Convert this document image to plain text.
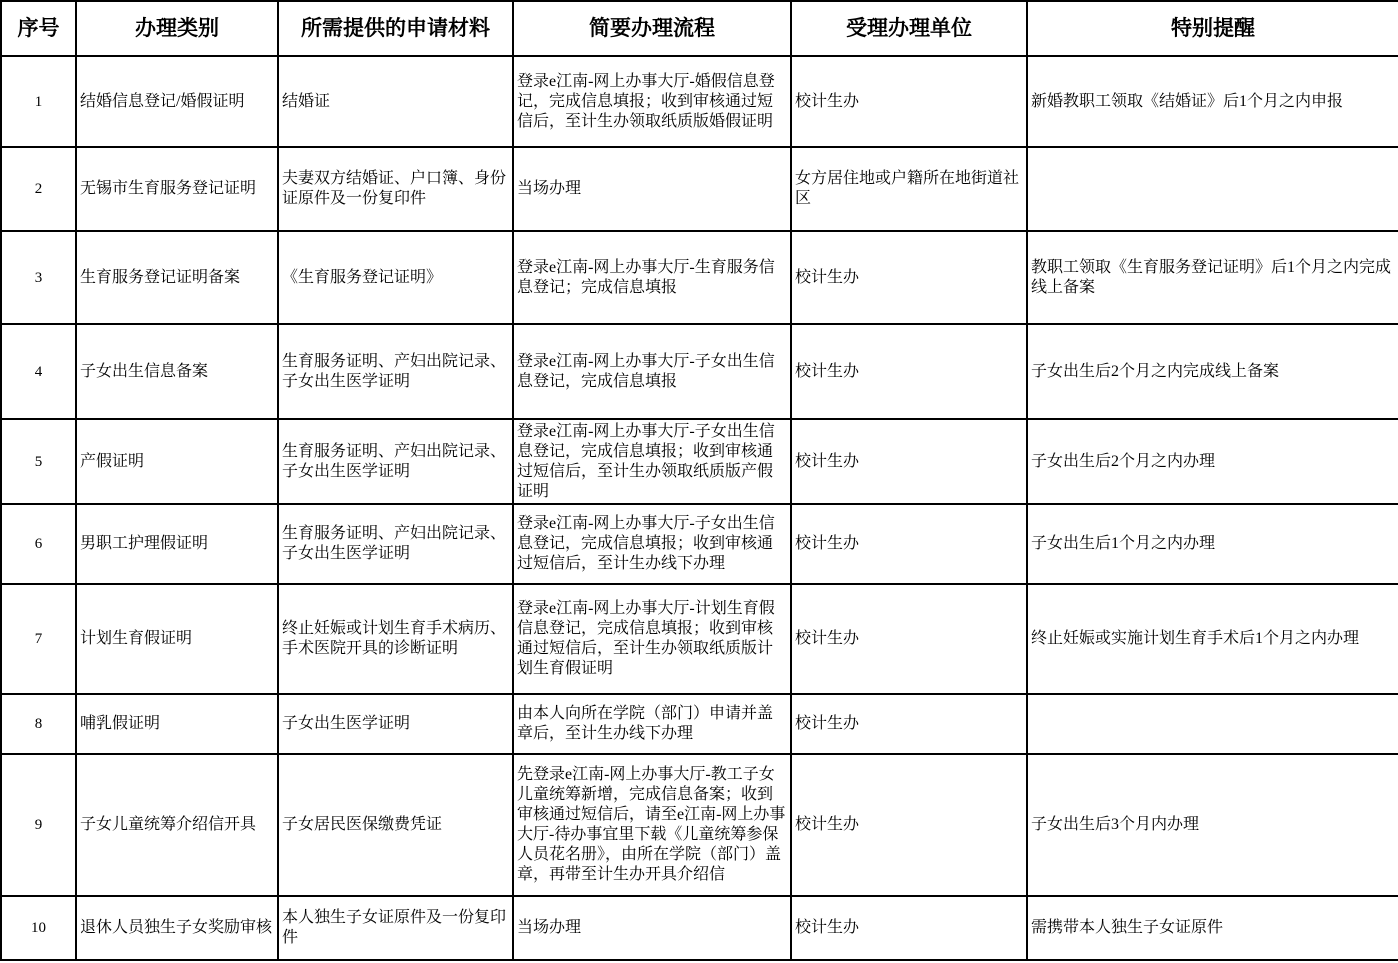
序号	办理类别	所需提供的申请材料	简要办理流程	受理办理单位	特别提醒
1	结婚信息登记/婚假证明	结婚证	登录e江南-网上办事大厅-婚假信息登记，完成信息填报；收到审核通过短信后，至计生办领取纸质版婚假证明	校计生办	新婚教职工领取《结婚证》后1个月之内申报
2	无锡市生育服务登记证明	夫妻双方结婚证、户口簿、身份证原件及一份复印件	当场办理	女方居住地或户籍所在地街道社区	
3	生育服务登记证明备案	《生育服务登记证明》	登录e江南-网上办事大厅-生育服务信息登记；完成信息填报	校计生办	教职工领取《生育服务登记证明》后1个月之内完成线上备案
4	子女出生信息备案	生育服务证明、产妇出院记录、子女出生医学证明	登录e江南-网上办事大厅-子女出生信息登记，完成信息填报	校计生办	子女出生后2个月之内完成线上备案
5	产假证明	生育服务证明、产妇出院记录、子女出生医学证明	登录e江南-网上办事大厅-子女出生信息登记，完成信息填报；收到审核通过短信后，至计生办领取纸质版产假证明	校计生办	子女出生后2个月之内办理
6	男职工护理假证明	生育服务证明、产妇出院记录、子女出生医学证明	登录e江南-网上办事大厅-子女出生信息登记，完成信息填报；收到审核通过短信后，至计生办线下办理	校计生办	子女出生后1个月之内办理
7	计划生育假证明	终止妊娠或计划生育手术病历、手术医院开具的诊断证明	登录e江南-网上办事大厅-计划生育假信息登记，完成信息填报；收到审核通过短信后，至计生办领取纸质版计划生育假证明	校计生办	终止妊娠或实施计划生育手术后1个月之内办理
8	哺乳假证明	子女出生医学证明	由本人向所在学院（部门）申请并盖章后，至计生办线下办理	校计生办	
9	子女儿童统筹介绍信开具	子女居民医保缴费凭证	先登录e江南-网上办事大厅-教工子女儿童统筹新增，完成信息备案；收到审核通过短信后，请至e江南-网上办事大厅-待办事宜里下载《儿童统筹参保人员花名册》，由所在学院（部门）盖章，再带至计生办开具介绍信	校计生办	子女出生后3个月内办理
10	退休人员独生子女奖励审核	本人独生子女证原件及一份复印件	当场办理	校计生办	需携带本人独生子女证原件
